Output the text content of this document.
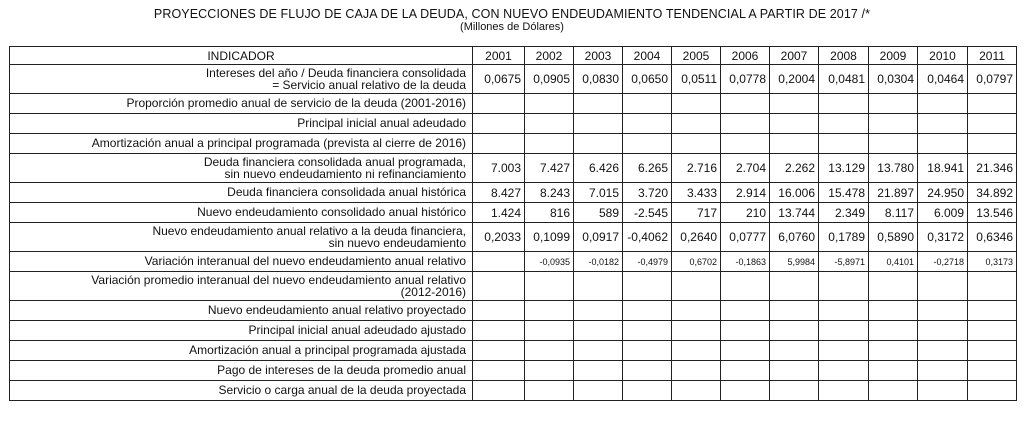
PROYECCIONES DE FLUJO DE CAJA DE LA DEUDA, CON NUEVO ENDEUDAMIENTO TENDENCIAL A PARTIR DE 2017 /*
(Millones de Dólares)
INDICADOR	2001	2002	2003	2004	2005	2006	2007	2008	2009	2010	2011

Intereses del año / Deuda financiera consolidada
= Servicio anual relativo de la deuda	0,0675	0,0905	0,0830	0,0650	0,0511	0,0778	0,2004	0,0481	0,0304	0,0464	0,0797

Proporción promedio anual de servicio de la deuda (2001-2016)											

Principal inicial anual adeudado											

Amortización anual a principal programada (prevista al cierre de 2016)											

Deuda financiera consolidada anual programada,
sin nuevo endeudamiento ni refinanciamiento	7.003	7.427	6.426	6.265	2.716	2.704	2.262	13.129	13.780	18.941	21.346

Deuda financiera consolidada anual histórica	8.427	8.243	7.015	3.720	3.433	2.914	16.006	15.478	21.897	24.950	34.892

Nuevo endeudamiento consolidado anual histórico	1.424	816	589	-2.545	717	210	13.744	2.349	8.117	6.009	13.546

Nuevo endeudamiento anual relativo a la deuda financiera,
sin nuevo endeudamiento	0,2033	0,1099	0,0917	-0,4062	0,2640	0,0777	6,0760	0,1789	0,5890	0,3172	0,6346

Variación interanual del nuevo endeudamiento anual relativo		-0,0935	-0,0182	-0,4979	0,6702	-0,1863	5,9984	-5,8971	0,4101	-0,2718	0,3173

Variación promedio interanual del nuevo endeudamiento anual relativo
(2012-2016)											

Nuevo endeudamiento anual relativo proyectado											

Principal inicial anual adeudado ajustado											

Amortización anual a principal programada ajustada											

Pago de intereses de la deuda promedio anual											

Servicio o carga anual de la deuda proyectada											
